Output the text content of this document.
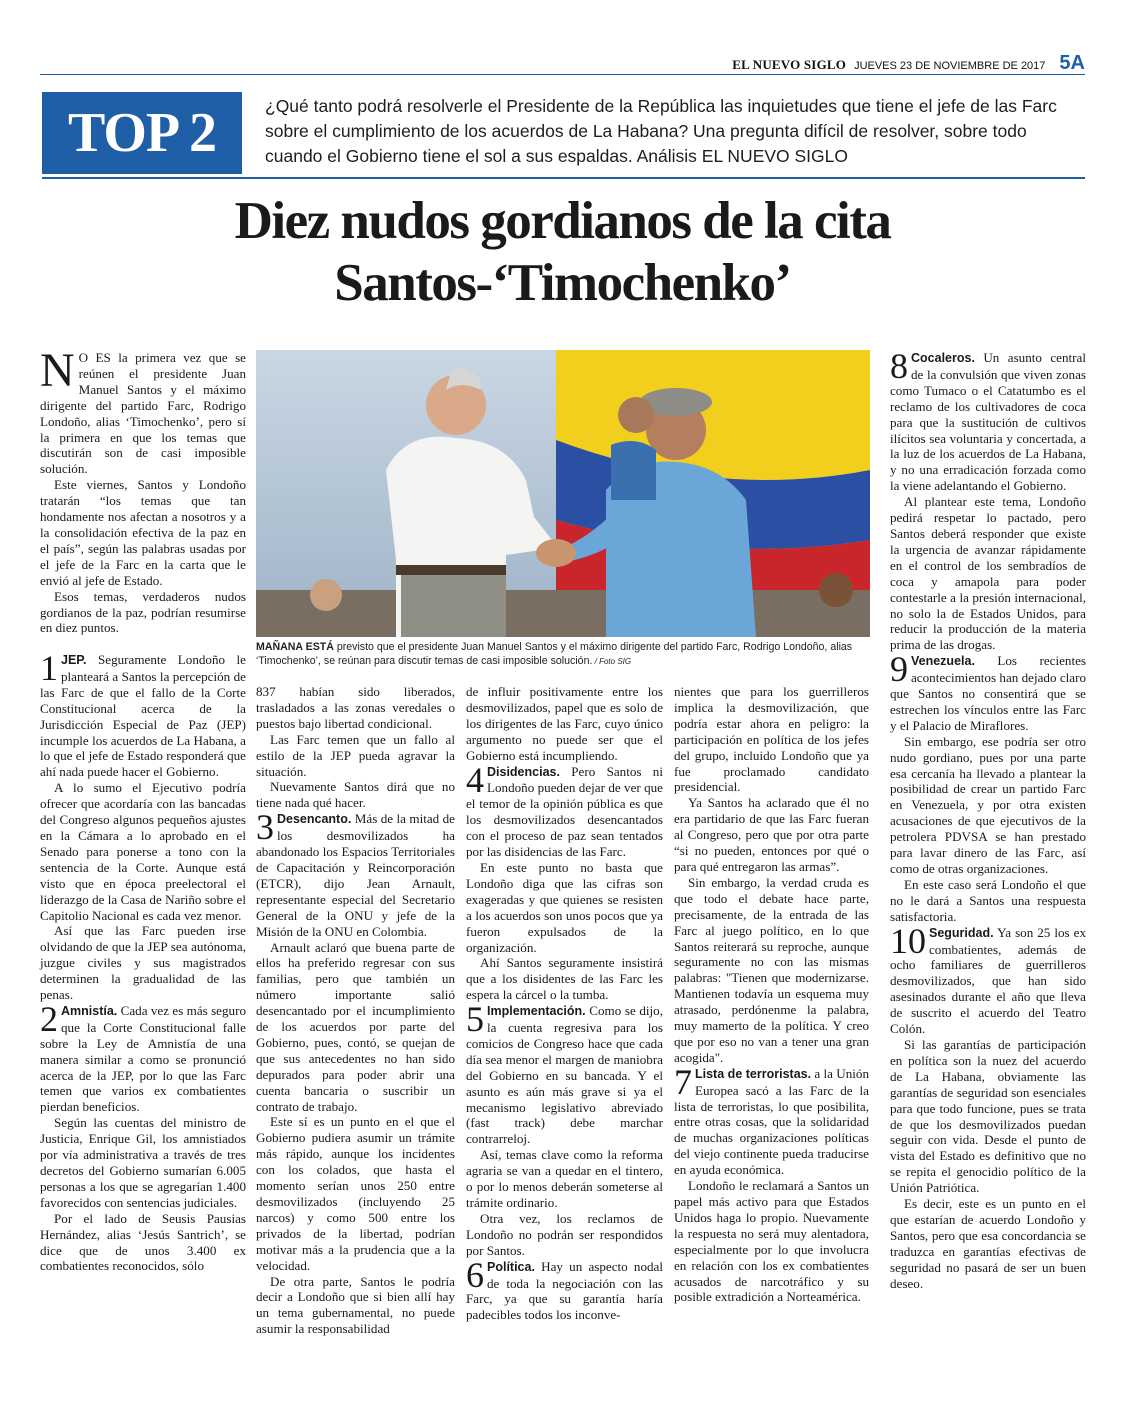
EL NUEVO SIGLO JUEVES 23 DE NOVIEMBRE DE 2017 5A
TOP 2	¿Qué tanto podrá resolverle el Presidente de la República las inquietudes que tiene el jefe de las Farc sobre el cumplimiento de los acuerdos de La Habana? Una pregunta difícil de resolver, sobre todo cuando el Gobierno tiene el sol a sus espaldas. Análisis EL NUEVO SIGLO
Diez nudos gordianos de la cita
Santos-‘Timochenko’
MAÑANA ESTÁ previsto que el presidente Juan Manuel Santos y el máximo dirigente del partido Farc, Rodrigo Londoño, alias ‘Timochenko’, se reúnan para discutir temas de casi imposible solución. / Foto SIG

N O ES la primera vez que se reúnen el presidente Juan Manuel Santos y el máximo dirigente del partido Farc, Rodrigo Londoño, alias ‘Timochenko’, pero sí la primera en que los temas que discutirán son de casi imposible solución.

Este viernes, Santos y Londoño tratarán “los temas que tan hondamente nos afectan a nosotros y a la consolidación efectiva de la paz en el país”, según las palabras usadas por el jefe de la Farc en la carta que le envió al jefe de Estado.

Esos temas, verdaderos nudos gordianos de la paz, podrían resumirse en diez puntos.

1 JEP. Seguramente Londoño le planteará a Santos la percepción de las Farc de que el fallo de la Corte Constitucional acerca de la Jurisdicción Especial de Paz (JEP) incumple los acuerdos de La Habana, a lo que el jefe de Estado responderá que ahí nada puede hacer el Gobierno.

A lo sumo el Ejecutivo podría ofrecer que acordaría con las bancadas del Congreso algunos pequeños ajustes en la Cámara a lo aprobado en el Senado para ponerse a tono con la sentencia de la Corte. Aunque está visto que en época preelectoral el liderazgo de la Casa de Nariño sobre el Capitolio Nacional es cada vez menor.

Así que las Farc pueden irse olvidando de que la JEP sea autónoma, juzgue civiles y sus magistrados determinen la gradualidad de las penas.

2 Amnistía. Cada vez es más seguro que la Corte Constitucional falle sobre la Ley de Amnistía de una manera similar a como se pronunció acerca de la JEP, por lo que las Farc temen que varios ex combatientes pierdan beneficios.

Según las cuentas del ministro de Justicia, Enrique Gil, los amnistiados por vía administrativa a través de tres decretos del Gobierno sumarían 6.005 personas a los que se agregarían 1.400 favorecidos con sentencias judiciales.

Por el lado de Seusis Pausias Hernández, alias ‘Jesús Santrich’, se dice que de unos 3.400 ex combatientes reconocidos, sólo

837 habían sido liberados, trasladados a las zonas veredales o puestos bajo libertad condicional.

Las Farc temen que un fallo al estilo de la JEP pueda agravar la situación.

Nuevamente Santos dirá que no tiene nada qué hacer.

3 Desencanto. Más de la mitad de los desmovilizados ha abandonado los Espacios Territoriales de Capacitación y Reincorporación (ETCR), dijo Jean Arnault, representante especial del Secretario General de la ONU y jefe de la Misión de la ONU en Colombia.

Arnault aclaró que buena parte de ellos ha preferido regresar con sus familias, pero que también un número importante salió desencantado por el incumplimiento de los acuerdos por parte del Gobierno, pues, contó, se quejan de que sus antecedentes no han sido depurados para poder abrir una cuenta bancaria o suscribir un contrato de trabajo.

Este sí es un punto en el que el Gobierno pudiera asumir un trámite más rápido, aunque los incidentes con los colados, que hasta el momento serían unos 250 entre desmovilizados (incluyendo 25 narcos) y como 500 entre los privados de la libertad, podrían motivar más a la prudencia que a la velocidad.

De otra parte, Santos le podría decir a Londoño que si bien allí hay un tema gubernamental, no puede asumir la responsabilidad

de influir positivamente entre los desmovilizados, papel que es solo de los dirigentes de las Farc, cuyo único argumento no puede ser que el Gobierno está incumpliendo.

4 Disidencias. Pero Santos ni Londoño pueden dejar de ver que el temor de la opinión pública es que los desmovilizados desencantados con el proceso de paz sean tentados por las disidencias de las Farc.

En este punto no basta que Londoño diga que las cifras son exageradas y que quienes se resisten a los acuerdos son unos pocos que ya fueron expulsados de la organización.

Ahí Santos seguramente insistirá que a los disidentes de las Farc les espera la cárcel o la tumba.

5 Implementación. Como se dijo, la cuenta regresiva para los comicios de Congreso hace que cada día sea menor el margen de maniobra del Gobierno en su bancada. Y el asunto es aún más grave si ya el mecanismo legislativo abreviado (fast track) debe marchar contrarreloj.

Así, temas clave como la reforma agraria se van a quedar en el tintero, o por lo menos deberán someterse al trámite ordinario.

Otra vez, los reclamos de Londoño no podrán ser respondidos por Santos.

6 Política. Hay un aspecto nodal de toda la negociación con las Farc, ya que su garantía haría padecibles todos los inconve-

nientes que para los guerrilleros implica la desmovilización, que podría estar ahora en peligro: la participación en política de los jefes del grupo, incluido Londoño que ya fue proclamado candidato presidencial.

Ya Santos ha aclarado que él no era partidario de que las Farc fueran al Congreso, pero que por otra parte “si no pueden, entonces por qué o para qué entregaron las armas”.

Sin embargo, la verdad cruda es que todo el debate hace parte, precisamente, de la entrada de las Farc al juego político, en lo que Santos reiterará su reproche, aunque seguramente no con las mismas palabras: "Tienen que modernizarse. Mantienen todavía un esquema muy atrasado, perdónenme la palabra, muy mamerto de la política. Y creo que por eso no van a tener una gran acogida".

7 Lista de terroristas. a la Unión Europea sacó a las Farc de la lista de terroristas, lo que posibilita, entre otras cosas, que la solidaridad de muchas organizaciones políticas del viejo continente pueda traducirse en ayuda económica.

Londoño le reclamará a Santos un papel más activo para que Estados Unidos haga lo propio. Nuevamente la respuesta no será muy alentadora, especialmente por lo que involucra en relación con los ex combatientes acusados de narcotráfico y su posible extradición a Norteamérica.

8 Cocaleros. Un asunto central de la convulsión que viven zonas como Tumaco o el Catatumbo es el reclamo de los cultivadores de coca para que la sustitución de cultivos ilícitos sea voluntaria y concertada, a la luz de los acuerdos de La Habana, y no una erradicación forzada como la viene adelantando el Gobierno.

Al plantear este tema, Londoño pedirá respetar lo pactado, pero Santos deberá responder que existe la urgencia de avanzar rápidamente en el control de los sembradíos de coca y amapola para poder contestarle a la presión internacional, no solo la de Estados Unidos, para reducir la producción de la materia prima de las drogas.

9 Venezuela. Los recientes acontecimientos han dejado claro que Santos no consentirá que se estrechen los vínculos entre las Farc y el Palacio de Miraflores.

Sin embargo, ese podría ser otro nudo gordiano, pues por una parte esa cercanía ha llevado a plantear la posibilidad de crear un partido Farc en Venezuela, y por otra existen acusaciones de que ejecutivos de la petrolera PDVSA se han prestado para lavar dinero de las Farc, así como de otras organizaciones.

En este caso será Londoño el que no le dará a Santos una respuesta satisfactoria.

10 Seguridad. Ya son 25 los ex combatientes, además de ocho familiares de guerrilleros desmovilizados, que han sido asesinados durante el año que lleva de suscrito el acuerdo del Teatro Colón.

Si las garantías de participación en política son la nuez del acuerdo de La Habana, obviamente las garantías de seguridad son esenciales para que todo funcione, pues se trata de que los desmovilizados puedan seguir con vida. Desde el punto de vista del Estado es definitivo que no se repita el genocidio político de la Unión Patriótica.

Es decir, este es un punto en el que estarían de acuerdo Londoño y Santos, pero que esa concordancia se traduzca en garantías efectivas de seguridad no pasará de ser un buen deseo.
